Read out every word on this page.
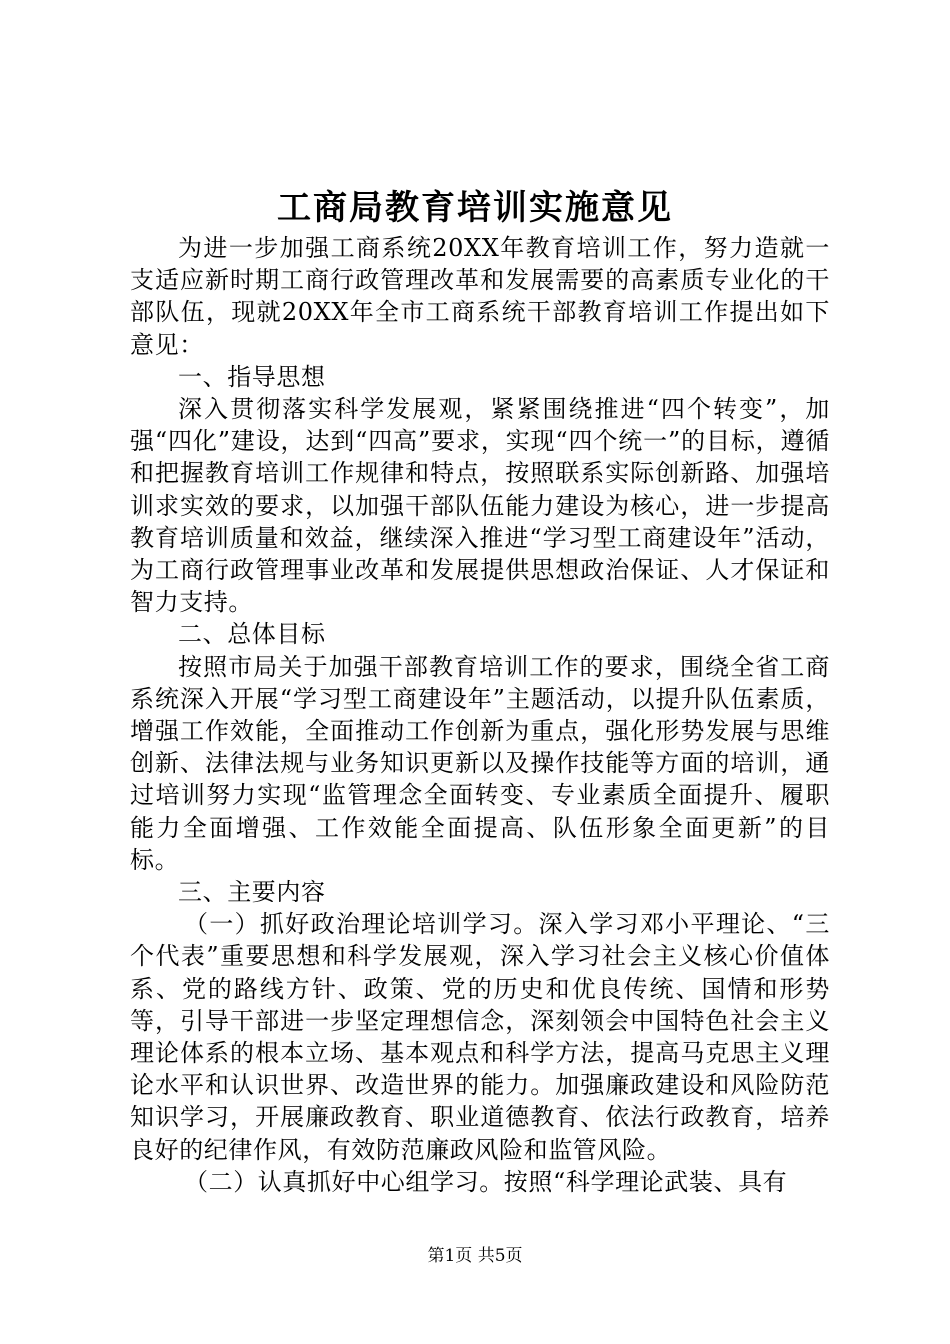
工商局教育培训实施意见

为进一步加强工商系统20XX年教育培训工作，努力造就一支适应新时期工商行政管理改革和发展需要的高素质专业化的干部队伍，现就20XX年全市工商系统干部教育培训工作提出如下意见：

一、指导思想

深入贯彻落实科学发展观，紧紧围绕推进“四个转变”，加强“四化”建设，达到“四高”要求，实现“四个统一”的目标，遵循和把握教育培训工作规律和特点，按照联系实际创新路、加强培训求实效的要求，以加强干部队伍能力建设为核心，进一步提高教育培训质量和效益，继续深入推进“学习型工商建设年”活动，为工商行政管理事业改革和发展提供思想政治保证、人才保证和智力支持。

二、总体目标

按照市局关于加强干部教育培训工作的要求，围绕全省工商系统深入开展“学习型工商建设年”主题活动，以提升队伍素质，增强工作效能，全面推动工作创新为重点，强化形势发展与思维创新、法律法规与业务知识更新以及操作技能等方面的培训，通过培训努力实现“监管理念全面转变、专业素质全面提升、履职能力全面增强、工作效能全面提高、队伍形象全面更新”的目标。

三、主要内容

（一）抓好政治理论培训学习。深入学习邓小平理论、“三个代表”重要思想和科学发展观，深入学习社会主义核心价值体系、党的路线方针、政策、党的历史和优良传统、国情和形势等，引导干部进一步坚定理想信念，深刻领会中国特色社会主义理论体系的根本立场、基本观点和科学方法，提高马克思主义理论水平和认识世界、改造世界的能力。加强廉政建设和风险防范知识学习，开展廉政教育、职业道德教育、依法行政教育，培养良好的纪律作风，有效防范廉政风险和监管风险。

（二）认真抓好中心组学习。按照“科学理论武装、具有

第1页 共5页
